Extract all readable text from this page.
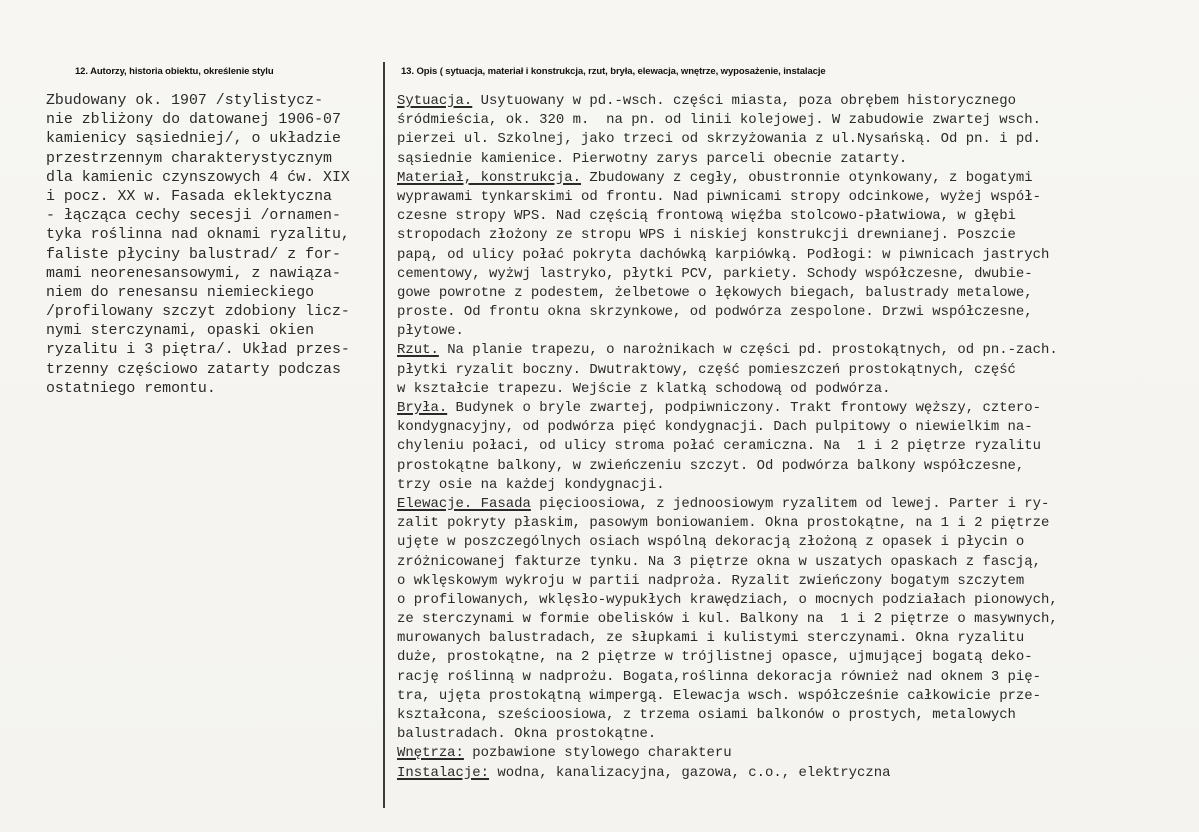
12. Autorzy, historia obiektu, określenie stylu	13. Opis ( sytuacja, materiał i konstrukcja, rzut, bryła, elewacja, wnętrze, wyposażenie, instalacje
Zbudowany ok. 1907 /stylistycz-
nie zbliżony do datowanej 1906-07
kamienicy sąsiedniej/, o układzie
przestrzennym charakterystycznym
dla kamienic czynszowych 4 ćw. XIX
i pocz. XX w. Fasada eklektyczna
- łącząca cechy secesji /ornamen-
tyka roślinna nad oknami ryzalitu,
faliste płyciny balustrad/ z for-
mami neorenesansowymi, z nawiąza-
niem do renesansu niemieckiego
/profilowany szczyt zdobiony licz-
nymi sterczynami, opaski okien
ryzalitu i 3 piętra/. Układ przes-
trzenny częściowo zatarty podczas
ostatniego remontu.
Sytuacja. Usytuowany w pd.-wsch. części miasta, poza obrębem historycznego
śródmieścia, ok. 320 m.  na pn. od linii kolejowej. W zabudowie zwartej wsch.
pierzei ul. Szkolnej, jako trzeci od skrzyżowania z ul.Nysańską. Od pn. i pd.
sąsiednie kamienice. Pierwotny zarys parceli obecnie zatarty.
Materiał, konstrukcja. Zbudowany z cegły, obustronnie otynkowany, z bogatymi
wyprawami tynkarskimi od frontu. Nad piwnicami stropy odcinkowe, wyżej współ-
czesne stropy WPS. Nad częścią frontową więźba stolcowo-płatwiowa, w głębi
stropodach złożony ze stropu WPS i niskiej konstrukcji drewnianej. Poszcie
papą, od ulicy połać pokryta dachówką karpiówką. Podłogi: w piwnicach jastrych
cementowy, wyżwj lastryko, płytki PCV, parkiety. Schody współczesne, dwubie-
gowe powrotne z podestem, żelbetowe o łękowych biegach, balustrady metalowe,
proste. Od frontu okna skrzynkowe, od podwórza zespolone. Drzwi współczesne,
płytowe.
Rzut. Na planie trapezu, o narożnikach w części pd. prostokątnych, od pn.-zach.
płytki ryzalit boczny. Dwutraktowy, część pomieszczeń prostokątnych, część
w kształcie trapezu. Wejście z klatką schodową od podwórza.
Bryła. Budynek o bryle zwartej, podpiwniczony. Trakt frontowy węższy, cztero-
kondygnacyjny, od podwórza pięć kondygnacji. Dach pulpitowy o niewielkim na-
chyleniu połaci, od ulicy stroma połać ceramiczna. Na  1 i 2 piętrze ryzalitu
prostokątne balkony, w zwieńczeniu szczyt. Od podwórza balkony współczesne,
trzy osie na każdej kondygnacji.
Elewacje. Fasada pięcioosiowa, z jednoosiowym ryzalitem od lewej. Parter i ry-
zalit pokryty płaskim, pasowym boniowaniem. Okna prostokątne, na 1 i 2 piętrze
ujęte w poszczególnych osiach wspólną dekoracją złożoną z opasek i płycin o
zróżnicowanej fakturze tynku. Na 3 piętrze okna w uszatych opaskach z fascją,
o wklęskowym wykroju w partii nadproża. Ryzalit zwieńczony bogatym szczytem
o profilowanych, wklęsło-wypukłych krawędziach, o mocnych podziałach pionowych,
ze sterczynami w formie obelisków i kul. Balkony na  1 i 2 piętrze o masywnych,
murowanych balustradach, ze słupkami i kulistymi sterczynami. Okna ryzalitu
duże, prostokątne, na 2 piętrze w trójlistnej opasce, ujmującej bogatą deko-
rację roślinną w nadprożu. Bogata,roślinna dekoracja również nad oknem 3 pię-
tra, ujęta prostokątną wimpergą. Elewacja wsch. współcześnie całkowicie prze-
kształcona, sześcioosiowa, z trzema osiami balkonów o prostych, metalowych
balustradach. Okna prostokątne.
Wnętrza: pozbawione stylowego charakteru
Instalacje: wodna, kanalizacyjna, gazowa, c.o., elektryczna
